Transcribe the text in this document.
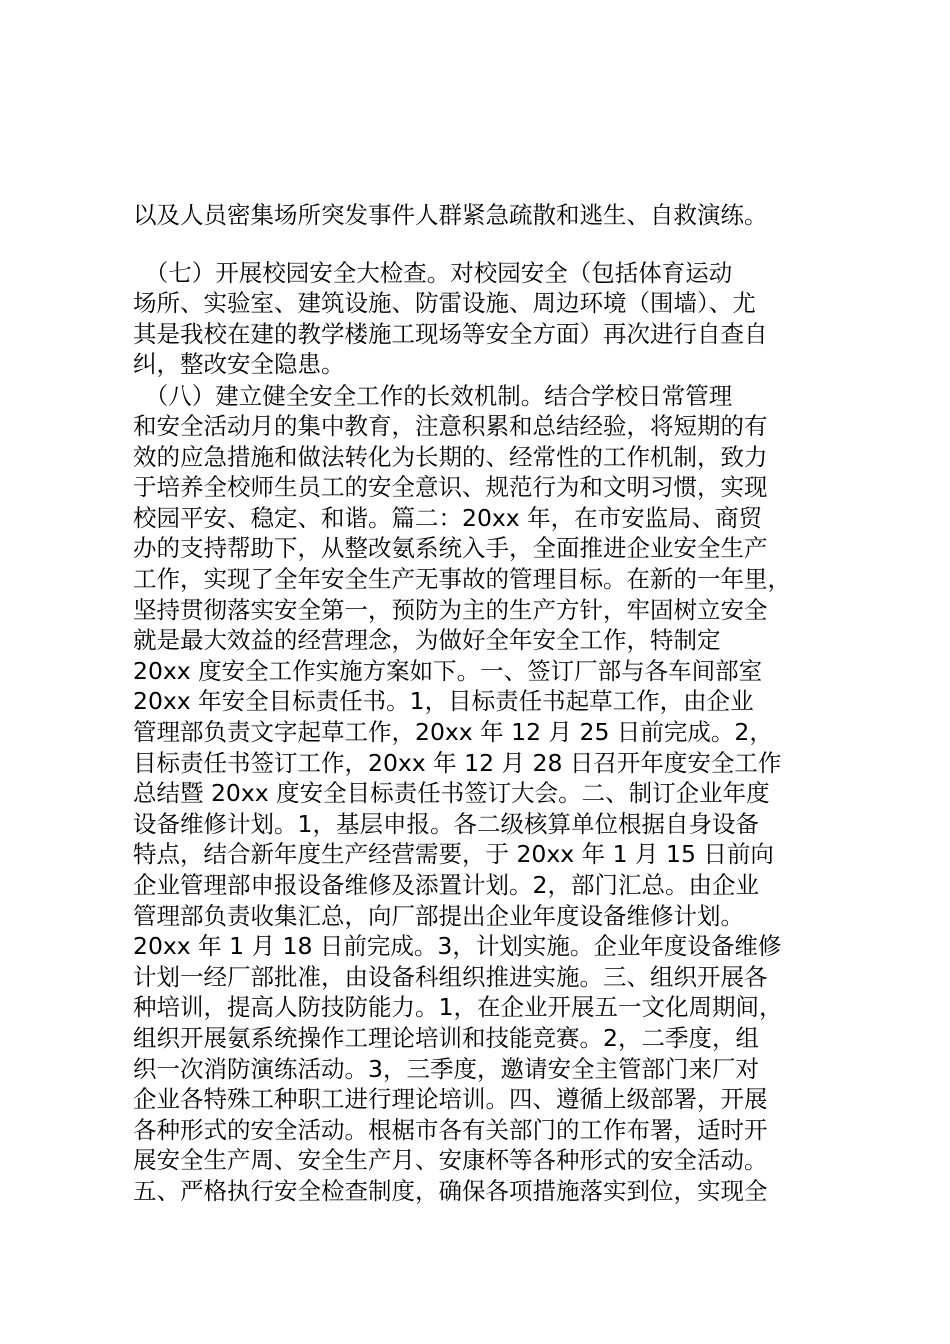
以及人员密集场所突发事件人群紧急疏散和逃生、自救演练。

　（七）开展校园安全大检查。对校园安全（包括体育运动
场所、实验室、建筑设施、防雷设施、周边环境（围墙）、尤
其是我校在建的教学楼施工现场等安全方面）再次进行自查自
纠，整改安全隐患。

　（八）建立健全安全工作的长效机制。结合学校日常管理
和安全活动月的集中教育，注意积累和总结经验，将短期的有
效的应急措施和做法转化为长期的、经常性的工作机制，致力
于培养全校师生员工的安全意识、规范行为和文明习惯，实现
校园平安、稳定、和谐。篇二：20xx 年，在市安监局、商贸
办的支持帮助下，从整改氨系统入手，全面推进企业安全生产
工作，实现了全年安全生产无事故的管理目标。在新的一年里，
坚持贯彻落实安全第一，预防为主的生产方针，牢固树立安全
就是最大效益的经营理念，为做好全年安全工作，特制定
20xx 度安全工作实施方案如下。一、签订厂部与各车间部室
20xx 年安全目标责任书。1，目标责任书起草工作，由企业
管理部负责文字起草工作，20xx 年 12 月 25 日前完成。2，
目标责任书签订工作，20xx 年 12 月 28 日召开年度安全工作
总结暨 20xx 度安全目标责任书签订大会。二、制订企业年度
设备维修计划。1，基层申报。各二级核算单位根据自身设备
特点，结合新年度生产经营需要，于 20xx 年 1 月 15 日前向
企业管理部申报设备维修及添置计划。2，部门汇总。由企业
管理部负责收集汇总，向厂部提出企业年度设备维修计划。
20xx 年 1 月 18 日前完成。3，计划实施。企业年度设备维修
计划一经厂部批准，由设备科组织推进实施。三、组织开展各
种培训，提高人防技防能力。1，在企业开展五一文化周期间，
组织开展氨系统操作工理论培训和技能竞赛。2，二季度，组
织一次消防演练活动。3，三季度，邀请安全主管部门来厂对
企业各特殊工种职工进行理论培训。四、遵循上级部署，开展
各种形式的安全活动。根椐市各有关部门的工作布署，适时开
展安全生产周、安全生产月、安康杯等各种形式的安全活动。
五、严格执行安全检查制度，确保各项措施落实到位，实现全
